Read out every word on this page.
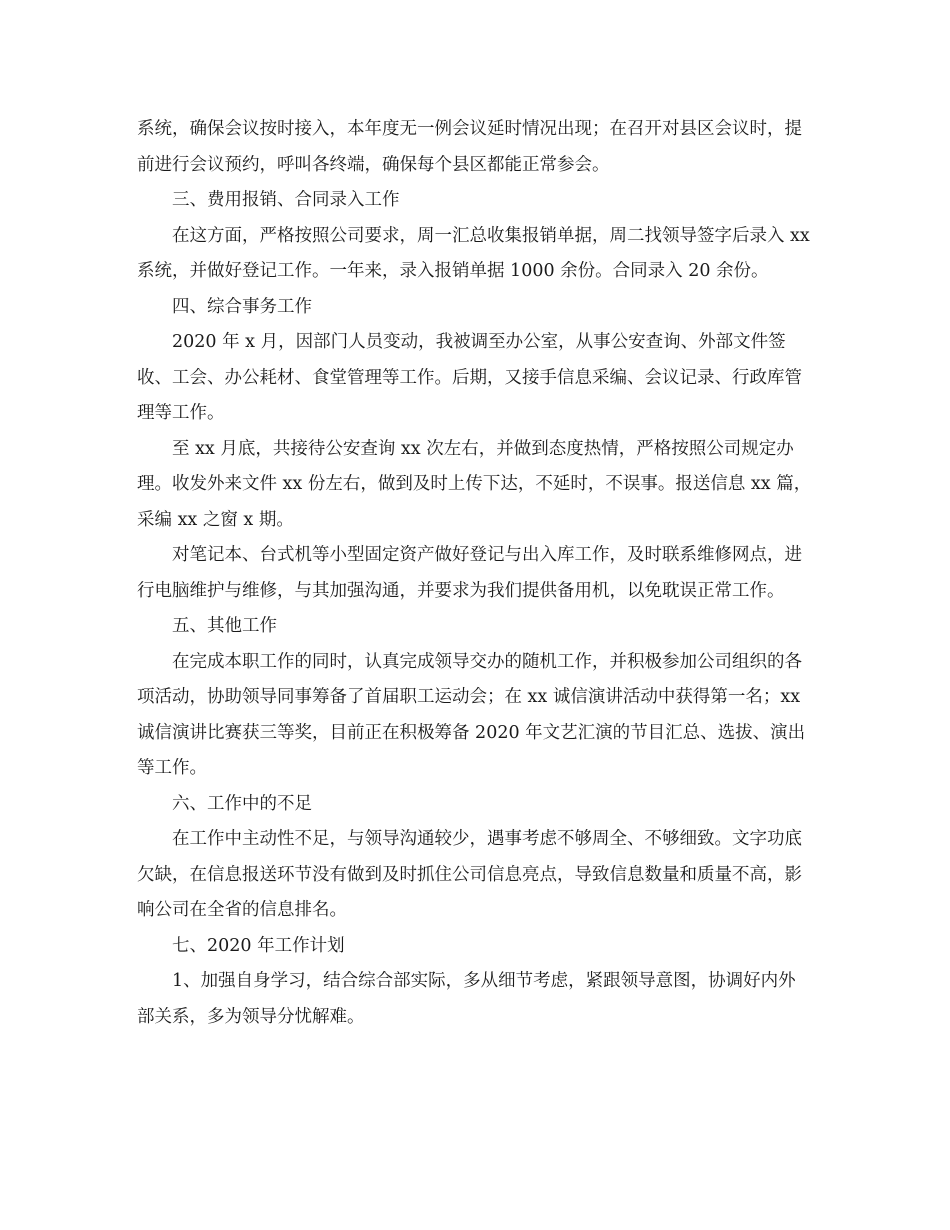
系统，确保会议按时接入，本年度无一例会议延时情况出现；在召开对县区会议时，提前进行会议预约，呼叫各终端，确保每个县区都能正常参会。

三、费用报销、合同录入工作

在这方面，严格按照公司要求，周一汇总收集报销单据，周二找领导签字后录入 xx 系统，并做好登记工作。一年来，录入报销单据 1000 余份。合同录入 20 余份。

四、综合事务工作

2020 年 x 月，因部门人员变动，我被调至办公室，从事公安查询、外部文件签收、工会、办公耗材、食堂管理等工作。后期，又接手信息采编、会议记录、行政库管理等工作。

至 xx 月底，共接待公安查询 xx 次左右，并做到态度热情，严格按照公司规定办理。收发外来文件 xx 份左右，做到及时上传下达，不延时，不误事。报送信息 xx 篇，采编 xx 之窗 x 期。

对笔记本、台式机等小型固定资产做好登记与出入库工作，及时联系维修网点，进行电脑维护与维修，与其加强沟通，并要求为我们提供备用机，以免耽误正常工作。

五、其他工作

在完成本职工作的同时，认真完成领导交办的随机工作，并积极参加公司组织的各项活动，协助领导同事筹备了首届职工运动会；在 xx 诚信演讲活动中获得第一名；xx 诚信演讲比赛获三等奖，目前正在积极筹备 2020 年文艺汇演的节目汇总、选拔、演出等工作。

六、工作中的不足

在工作中主动性不足，与领导沟通较少，遇事考虑不够周全、不够细致。文字功底欠缺，在信息报送环节没有做到及时抓住公司信息亮点，导致信息数量和质量不高，影响公司在全省的信息排名。

七、2020 年工作计划

1、加强自身学习，结合综合部实际，多从细节考虑，紧跟领导意图，协调好内外部关系，多为领导分忧解难。
